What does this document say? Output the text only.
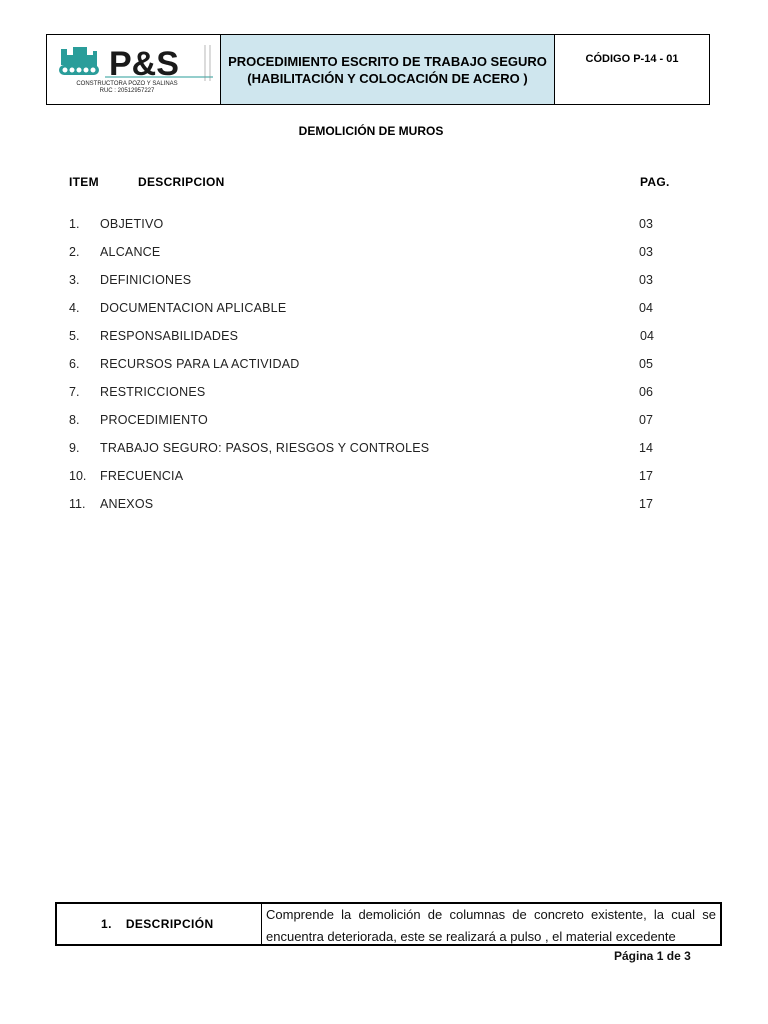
P&S
CONSTRUCTORA POZO Y SALINAS
RUC : 20512957227
PROCEDIMIENTO ESCRITO DE TRABAJO SEGURO
(HABILITACIÓN Y COLOCACIÓN DE ACERO )
CÓDIGO P-14 - 01
DEMOLICIÓN DE MUROS
ITEM	DESCRIPCION	PAG.
1. OBJETIVO	03
2. ALCANCE	03
3. DEFINICIONES	03
4. DOCUMENTACION APLICABLE	04
5. RESPONSABILIDADES	04
6. RECURSOS PARA LA ACTIVIDAD	05
7. RESTRICCIONES	06
8. PROCEDIMIENTO	07
9. TRABAJO SEGURO: PASOS, RIESGOS Y CONTROLES	14
10. FRECUENCIA	17
11. ANEXOS	17
1. DESCRIPCIÓN
Comprende la demolición de columnas de concreto existente, la cual se encuentra deteriorada, este se realizará a pulso , el material excedente
Página 1 de 3
